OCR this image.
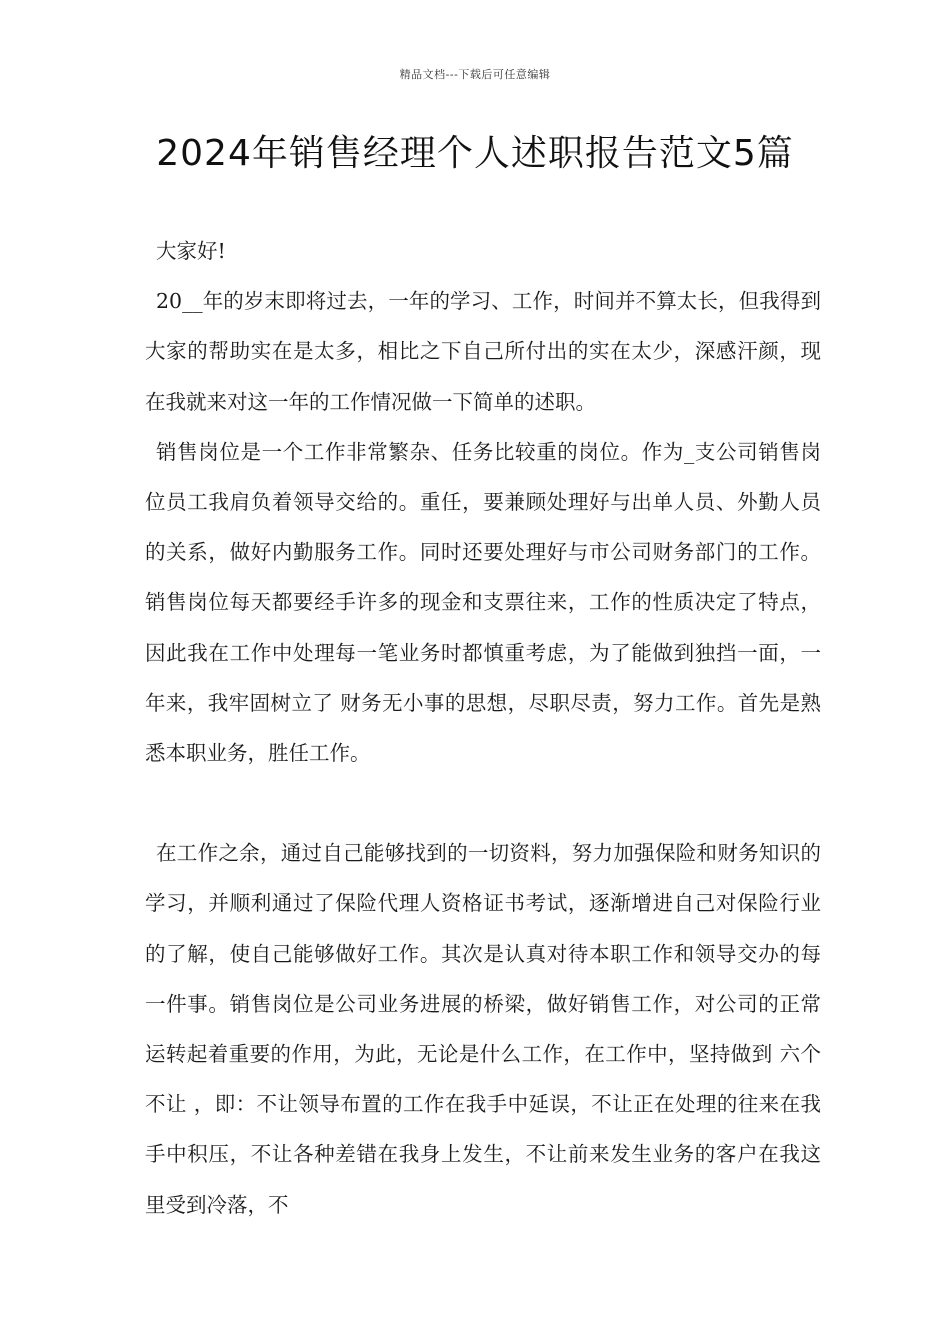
精品文档---下载后可任意编辑
2024年销售经理个人述职报告范文5篇

大家好!

20__年的岁末即将过去，一年的学习、工作，时间并不算太长，但我得到大家的帮助实在是太多，相比之下自己所付出的实在太少，深感汗颜，现在我就来对这一年的工作情况做一下简单的述职。

销售岗位是一个工作非常繁杂、任务比较重的岗位。作为_支公司销售岗位员工我肩负着领导交给的。重任，要兼顾处理好与出单人员、外勤人员的关系，做好内勤服务工作。同时还要处理好与市公司财务部门的工作。销售岗位每天都要经手许多的现金和支票往来，工作的性质决定了特点，因此我在工作中处理每一笔业务时都慎重考虑，为了能做到独挡一面，一年来，我牢固树立了 财务无小事的思想，尽职尽责，努力工作。首先是熟悉本职业务，胜任工作。

在工作之余，通过自己能够找到的一切资料，努力加强保险和财务知识的学习，并顺利通过了保险代理人资格证书考试，逐渐增进自己对保险行业的了解，使自己能够做好工作。其次是认真对待本职工作和领导交办的每一件事。销售岗位是公司业务进展的桥梁，做好销售工作，对公司的正常运转起着重要的作用，为此，无论是什么工作，在工作中，坚持做到 六个不让 ，即：不让领导布置的工作在我手中延误，不让正在处理的往来在我手中积压，不让各种差错在我身上发生，不让前来发生业务的客户在我这里受到冷落，不
